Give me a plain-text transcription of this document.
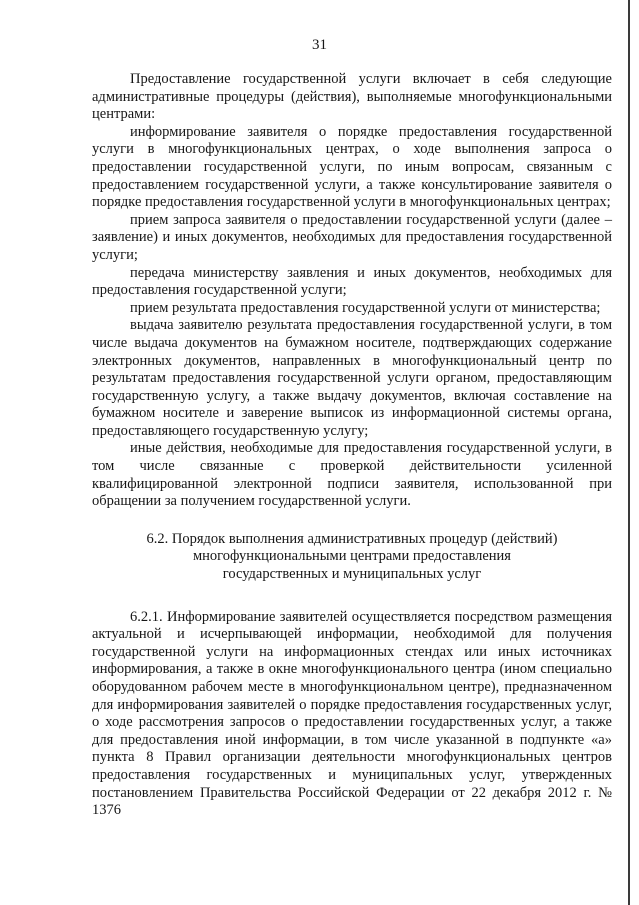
31

Предоставление государственной услуги включает в себя следующие административные процедуры (действия), выполняемые многофункциональными центрами:

информирование заявителя о порядке предоставления государственной услуги в многофункциональных центрах, о ходе выполнения запроса о предоставлении государственной услуги, по иным вопросам, связанным с предоставлением государственной услуги, а также консультирование заявителя о порядке предоставления государственной услуги в многофункциональных центрах;

прием запроса заявителя о предоставлении государственной услуги (далее – заявление) и иных документов, необходимых для предоставления государственной услуги;

передача министерству заявления и иных документов, необходимых для предоставления государственной услуги;

прием результата предоставления государственной услуги от министерства;

выдача заявителю результата предоставления государственной услуги, в том числе выдача документов на бумажном носителе, подтверждающих содержание электронных документов, направленных в многофункциональный центр по результатам предоставления государственной услуги органом, предоставляющим государственную услугу, а также выдачу документов, включая составление на бумажном носителе и заверение выписок из информационной системы органа, предоставляющего государственную услугу;

иные действия, необходимые для предоставления государственной услуги, в том числе связанные с проверкой действительности усиленной квалифицированной электронной подписи заявителя, использованной при обращении за получением государственной услуги.

6.2. Порядок выполнения административных процедур (действий)
многофункциональными центрами предоставления
государственных и муниципальных услуг

6.2.1. Информирование заявителей осуществляется посредством размещения актуальной и исчерпывающей информации, необходимой для получения государственной услуги на информационных стендах или иных источниках информирования, а также в окне многофункционального центра (ином специально оборудованном рабочем месте в многофункциональном центре), предназначенном для информирования заявителей о порядке предоставления государственных услуг, о ходе рассмотрения запросов о предоставлении государственных услуг, а также для предоставления иной информации, в том числе указанной в подпункте «а» пункта 8 Правил организации деятельности многофункциональных центров предоставления государственных и муниципальных услуг, утвержденных постановлением Правительства Российской Федерации от 22 декабря 2012 г. № 1376
